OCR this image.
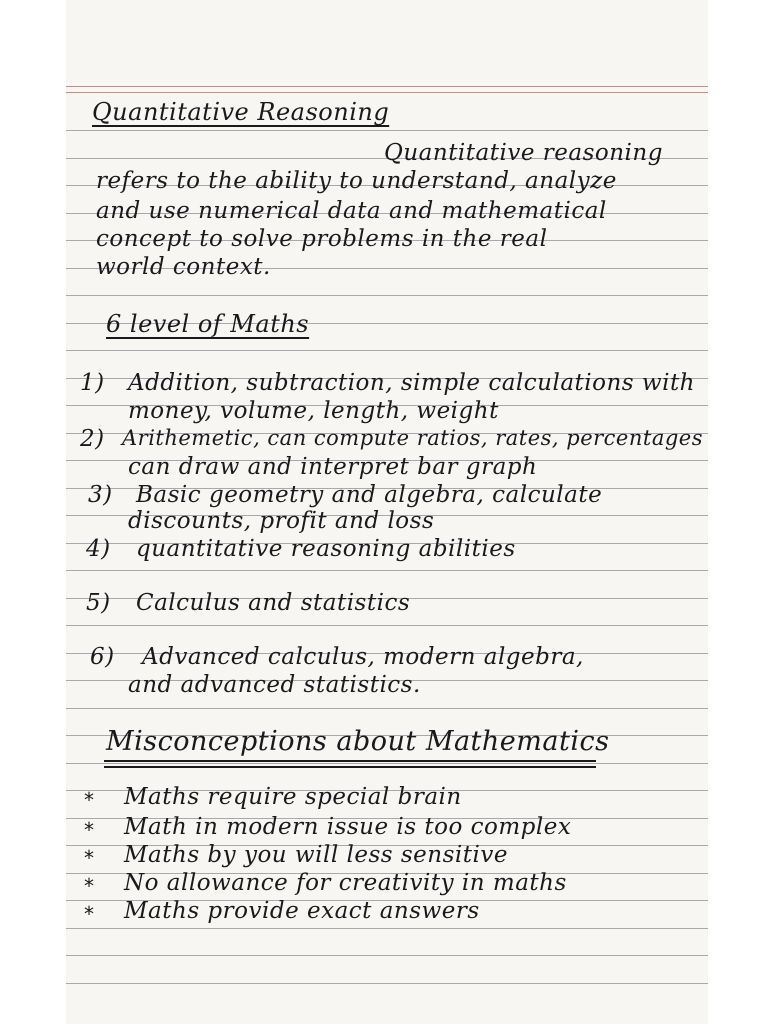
Quantitative Reasoning

Quantitative reasoning

refers to the ability to understand, analyze

and use numerical data and mathematical

concept to solve problems in the real

world context.

6 level of Maths

1) Addition, subtraction, simple calculations with

money, volume, length, weight

2) Arithemetic, can compute ratios, rates, percentages

can draw and interpret bar graph

3) Basic geometry and algebra, calculate

discounts, profit and loss

4) quantitative reasoning abilities

5) Calculus and statistics

6) Advanced calculus, modern algebra,

and advanced statistics.

Misconceptions about Mathematics

* Maths require special brain

* Math in modern issue is too complex

* Maths by you will less sensitive

* No allowance for creativity in maths

* Maths provide exact answers
